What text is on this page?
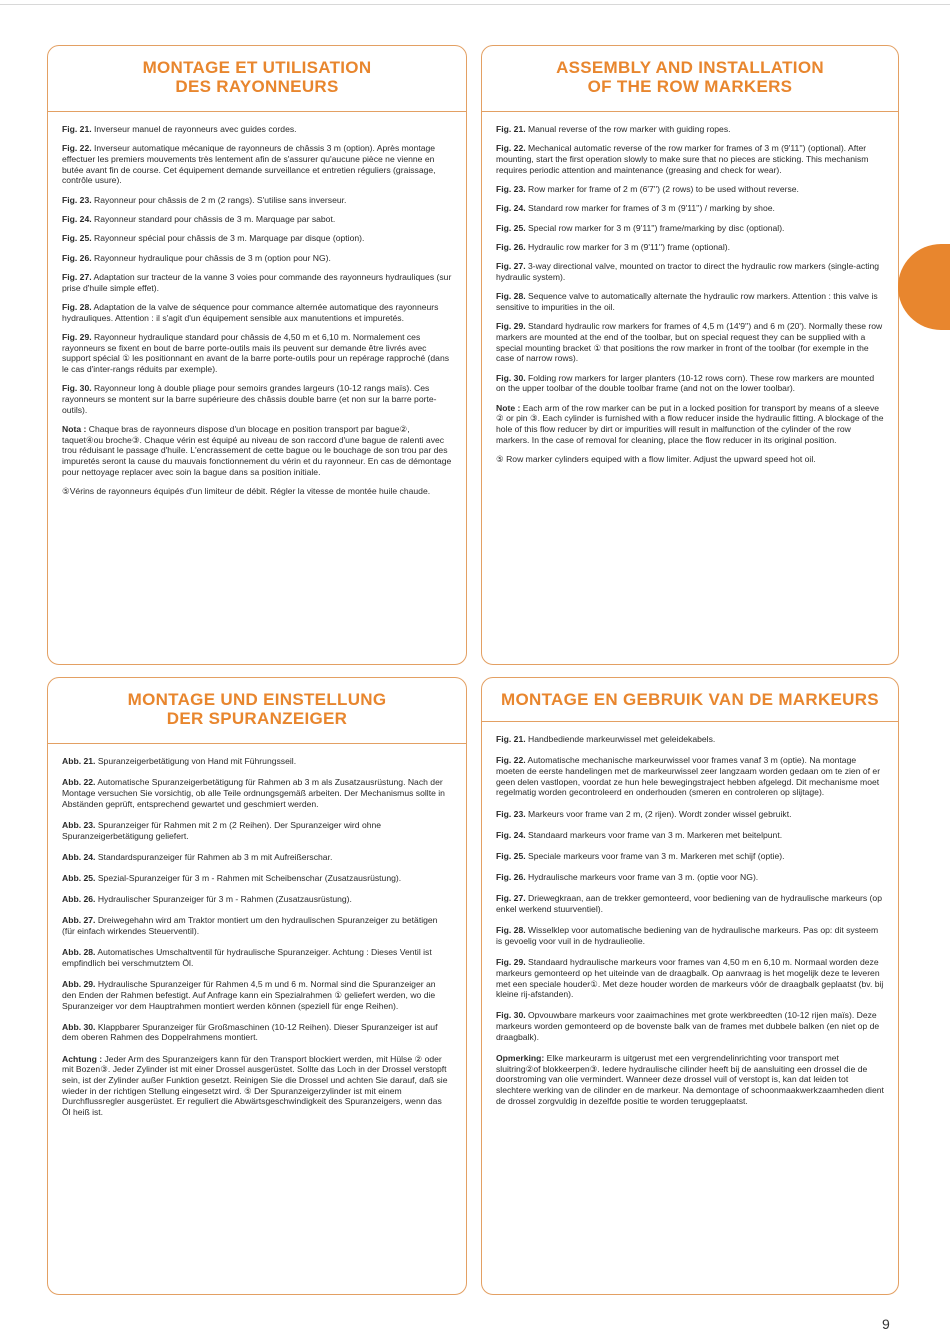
MONTAGE ET UTILISATION
DES RAYONNEURS

Fig. 21. Inverseur manuel de rayonneurs avec guides cordes.

Fig. 22. Inverseur automatique mécanique de rayonneurs de châssis 3 m (option). Après montage effectuer les premiers mouvements très lentement afin de s'assurer qu'aucune pièce ne vienne en butée avant fin de course. Cet équipement demande surveillance et entretien réguliers (graissage, contrôle usure).

Fig. 23. Rayonneur pour châssis de 2 m (2 rangs). S'utilise sans inverseur.

Fig. 24. Rayonneur standard pour châssis de 3 m. Marquage par sabot.

Fig. 25. Rayonneur spécial pour châssis de 3 m. Marquage par disque (option).

Fig. 26. Rayonneur hydraulique pour châssis de 3 m (option pour NG).

Fig. 27. Adaptation sur tracteur de la vanne 3 voies pour commande des rayonneurs hydrauliques (sur prise d'huile simple effet).

Fig. 28. Adaptation de la valve de séquence pour commance alternée automatique des rayonneurs hydrauliques. Attention : il s'agit d'un équipement sensible aux manutentions et impuretés.

Fig. 29. Rayonneur hydraulique standard pour châssis de 4,50 m et 6,10 m. Normalement ces rayonneurs se fixent en bout de barre porte-outils mais ils peuvent sur demande être livrés avec support spécial ① les positionnant en avant de la barre porte-outils pour un repérage rapproché (dans le cas d'inter-rangs réduits par exemple).

Fig. 30. Rayonneur long à double pliage pour semoirs grandes largeurs (10-12 rangs maïs). Ces rayonneurs se montent sur la barre supérieure des châssis double barre (et non sur la barre porte-outils).

Nota : Chaque bras de rayonneurs dispose d'un blocage en position transport par bague②, taquet④ou broche③. Chaque vérin est équipé au niveau de son raccord d'une bague de ralenti avec trou réduisant le passage d'huile. L'encrassement de cette bague ou le bouchage de son trou par des impuretés seront la cause du mauvais fonctionnement du vérin et du rayonneur. En cas de démontage pour nettoyage replacer avec soin la bague dans sa position initiale.

⑤Vérins de rayonneurs équipés d'un limiteur de débit. Régler la vitesse de montée huile chaude.

ASSEMBLY AND INSTALLATION
OF THE ROW MARKERS

Fig. 21. Manual reverse of the row marker with guiding ropes.

Fig. 22. Mechanical automatic reverse of the row marker for frames of 3 m (9'11'') (optional). After mounting, start the first operation slowly to make sure that no pieces are sticking. This mechanism requires periodic attention and maintenance (greasing and check for wear).

Fig. 23. Row marker for frame of 2 m (6'7'') (2 rows) to be used without reverse.

Fig. 24. Standard row marker for frames of 3 m (9'11'') / marking by shoe.

Fig. 25. Special row marker for 3 m (9'11'') frame/marking by disc (optional).

Fig. 26. Hydraulic row marker for 3 m (9'11'') frame (optional).

Fig. 27. 3-way directional valve, mounted on tractor to direct the hydraulic row markers (single-acting hydraulic system).

Fig. 28. Sequence valve to automatically alternate the hydraulic row markers. Attention : this valve is sensitive to impurities in the oil.

Fig. 29. Standard hydraulic row markers for frames of 4,5 m (14'9'') and 6 m (20'). Normally these row markers are mounted at the end of the toolbar, but on special request they can be supplied with a special mounting bracket ① that positions the row marker in front of the toolbar (for exemple in the case of narrow rows).

Fig. 30. Folding row markers for larger planters (10-12 rows corn). These row markers are mounted on the upper toolbar of the double toolbar frame (and not on the lower toolbar).

Note : Each arm of the row marker can be put in a locked position for transport by means of a sleeve ② or pin ③. Each cylinder is furnished with a flow reducer inside the hydraulic fitting. A blockage of the hole of this flow reducer by dirt or impurities will result in malfunction of the cylinder of the row markers. In the case of removal for cleaning, place the flow reducer in its original position.

⑤ Row marker cylinders equiped with a flow limiter. Adjust the upward speed hot oil.

MONTAGE UND EINSTELLUNG
DER SPURANZEIGER

Abb. 21. Spuranzeigerbetätigung von Hand mit Führungsseil.

Abb. 22. Automatische Spuranzeigerbetätigung für Rahmen ab 3 m als Zusatzausrüstung. Nach der Montage versuchen Sie vorsichtig, ob alle Teile ordnungsgemäß arbeiten. Der Mechanismus sollte in Abständen geprüft, entsprechend gewartet und geschmiert werden.

Abb. 23. Spuranzeiger für Rahmen mit 2 m (2 Reihen). Der Spuranzeiger wird ohne Spuranzeigerbetätigung geliefert.

Abb. 24. Standardspuranzeiger für Rahmen ab 3 m mit Aufreißerschar.

Abb. 25. Spezial-Spuranzeiger für 3 m - Rahmen mit Scheibenschar (Zusatzausrüstung).

Abb. 26. Hydraulischer Spuranzeiger für 3 m - Rahmen (Zusatzausrüstung).

Abb. 27. Dreiwegehahn wird am Traktor montiert um den hydraulischen Spuranzeiger zu betätigen (für einfach wirkendes Steuerventil).

Abb. 28. Automatisches Umschaltventil für hydraulische Spuranzeiger. Achtung : Dieses Ventil ist empfindlich bei verschmutztem Öl.

Abb. 29. Hydraulische Spuranzeiger für Rahmen 4,5 m und 6 m. Normal sind die Spuranzeiger an den Enden der Rahmen befestigt. Auf Anfrage kann ein Spezialrahmen ① geliefert werden, wo die Spuranzeiger vor dem Hauptrahmen montiert werden können (speziell für enge Reihen).

Abb. 30. Klappbarer Spuranzeiger für Großmaschinen (10-12 Reihen). Dieser Spuranzeiger ist auf dem oberen Rahmen des Doppelrahmens montiert.

Achtung : Jeder Arm des Spuranzeigers kann für den Transport blockiert werden, mit Hülse ② oder mit Bozen③. Jeder Zylinder ist mit einer Drossel ausgerüstet. Sollte das Loch in der Drossel verstopft sein, ist der Zylinder außer Funktion gesetzt. Reinigen Sie die Drossel und achten Sie darauf, daß sie wieder in der richtigen Stellung eingesetzt wird. ⑤ Der Spuranzeigerzylinder ist mit einem Durchflussregler ausgerüstet. Er reguliert die Abwärtsgeschwindigkeit des Spuranzeigers, wenn das Öl heiß ist.

MONTAGE EN GEBRUIK VAN DE MARKEURS

Fig. 21. Handbediende markeurwissel met geleidekabels.

Fig. 22. Automatische mechanische markeurwissel voor frames vanaf 3 m (optie). Na montage moeten de eerste handelingen met de markeurwissel zeer langzaam worden gedaan om te zien of er geen delen vastlopen, voordat ze hun hele bewegingstraject hebben afgelegd. Dit mechanisme moet regelmatig worden gecontroleerd en onderhouden (smeren en controleren op slijtage).

Fig. 23. Markeurs voor frame van 2 m, (2 rijen). Wordt zonder wissel gebruikt.

Fig. 24. Standaard markeurs voor frame van 3 m. Markeren met beitelpunt.

Fig. 25. Speciale markeurs voor frame van 3 m. Markeren met schijf (optie).

Fig. 26. Hydraulische markeurs voor frame van 3 m. (optie voor NG).

Fig. 27. Driewegkraan, aan de trekker gemonteerd, voor bediening van de hydraulische markeurs (op enkel werkend stuurventiel).

Fig. 28. Wisselklep voor automatische bediening van de hydraulische markeurs. Pas op: dit systeem is gevoelig voor vuil in de hydraulieolie.

Fig. 29. Standaard hydraulische markeurs voor frames van 4,50 m en 6,10 m. Normaal worden deze markeurs gemonteerd op het uiteinde van de draagbalk. Op aanvraag is het mogelijk deze te leveren met een speciale houder①. Met deze houder worden de markeurs vóór de draagbalk geplaatst (bv. bij kleine rij-afstanden).

Fig. 30. Opvouwbare markeurs voor zaaimachines met grote werkbreedten (10-12 rijen maïs). Deze markeurs worden gemonteerd op de bovenste balk van de frames met dubbele balken (en niet op de draagbalk).

Opmerking: Elke markeurarm is uitgerust met een vergrendelinrichting voor transport met sluitring②of blokkeerpen③. Iedere hydraulische cilinder heeft bij de aansluiting een drossel die de doorstroming van olie vermindert. Wanneer deze drossel vuil of verstopt is, kan dat leiden tot slechtere werking van de cilinder en de markeur. Na demontage of schoonmaakwerkzaamheden dient de drossel zorgvuldig in dezelfde positie te worden teruggeplaatst.

9
